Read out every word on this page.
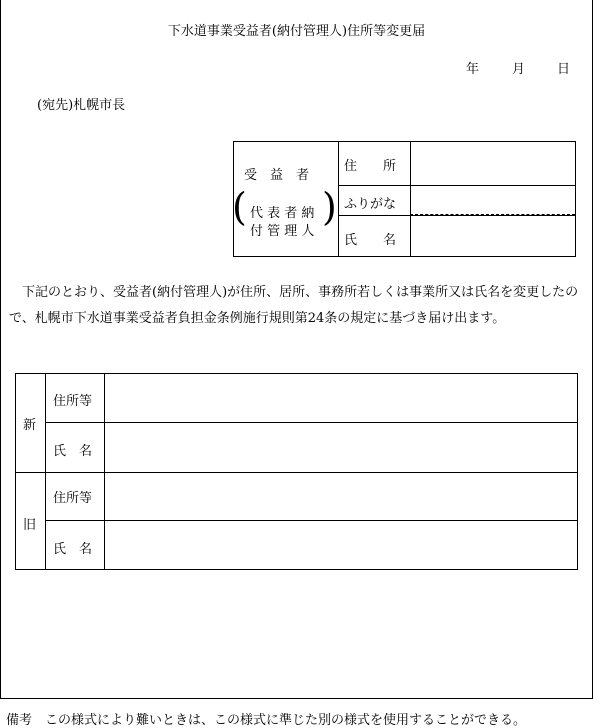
下水道事業受益者(納付管理人)住所等変更届
年	月 日
(宛先)札幌市長
受　益　者
( )
代 表 者 納
付 管 理 人
住　　所
ふりがな
氏　　名

下記のとおり、受益者(納付管理人)が住所、居所、事務所若しくは事業所又は氏名を変更したので、札幌市下水道事業受益者負担金条例施行規則第24条の規定に基づき届け出ます。

新
旧
住所等
氏　名
住所等
氏　名
備考　この様式により難いときは、この様式に準じた別の様式を使用することができる。
